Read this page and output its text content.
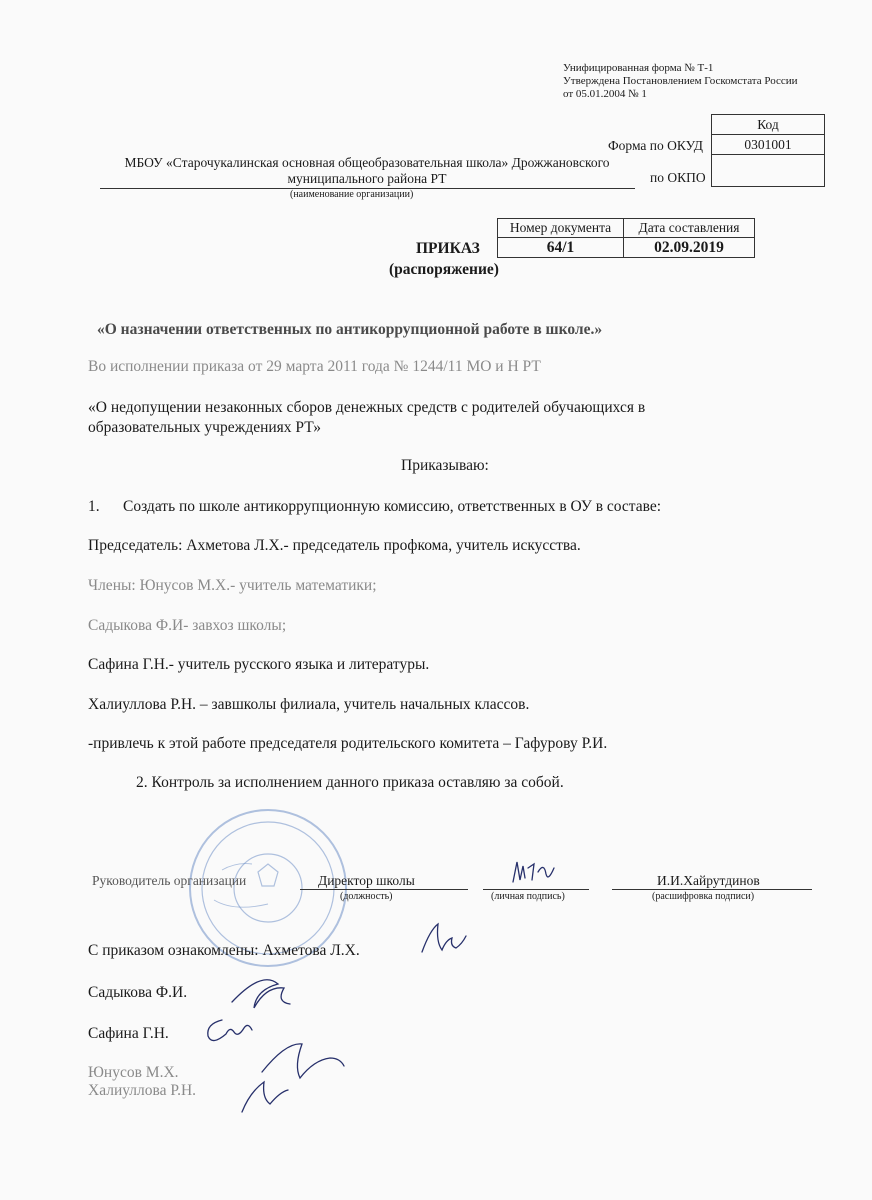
Унифицированная форма № Т-1
Утверждена Постановлением Госкомстата России
от 05.01.2004 № 1
Код
0301001

Форма по ОКУД
по ОКПО
МБОУ «Старочукалинская основная общеобразовательная школа» Дрожжановского
муниципального района РТ
(наименование организации)
Номер документа	Дата составления
64/1	02.09.2019
ПРИКАЗ
(распоряжение)
«О назначении ответственных по антикоррупционной работе в школе.»
Во исполнении приказа от 29 марта 2011 года № 1244/11 МО и Н РТ
«О недопущении незаконных сборов денежных средств с родителей обучающихся в
образовательных учреждениях РТ»
Приказываю:
1. Создать по школе антикоррупционную комиссию, ответственных в ОУ в составе:
Председатель: Ахметова Л.Х.- председатель профкома, учитель искусства.
Члены: Юнусов М.Х.- учитель математики;
Садыкова Ф.И- завхоз школы;
Сафина Г.Н.- учитель русского языка и литературы.
Халиуллова Р.Н. – завшколы филиала, учитель начальных классов.
-привлечь к этой работе председателя родительского комитета – Гафурову Р.И.
2. Контроль за исполнением данного приказа оставляю за собой.
Руководитель организации	Директор школы
(должность)	(личная подпись)
И.И.Хайрутдинов
(расшифровка подписи)
С приказом ознакомлены: Ахметова Л.Х.
Садыкова Ф.И.
Сафина Г.Н.
Юнусов М.Х.
Халиуллова Р.Н.
